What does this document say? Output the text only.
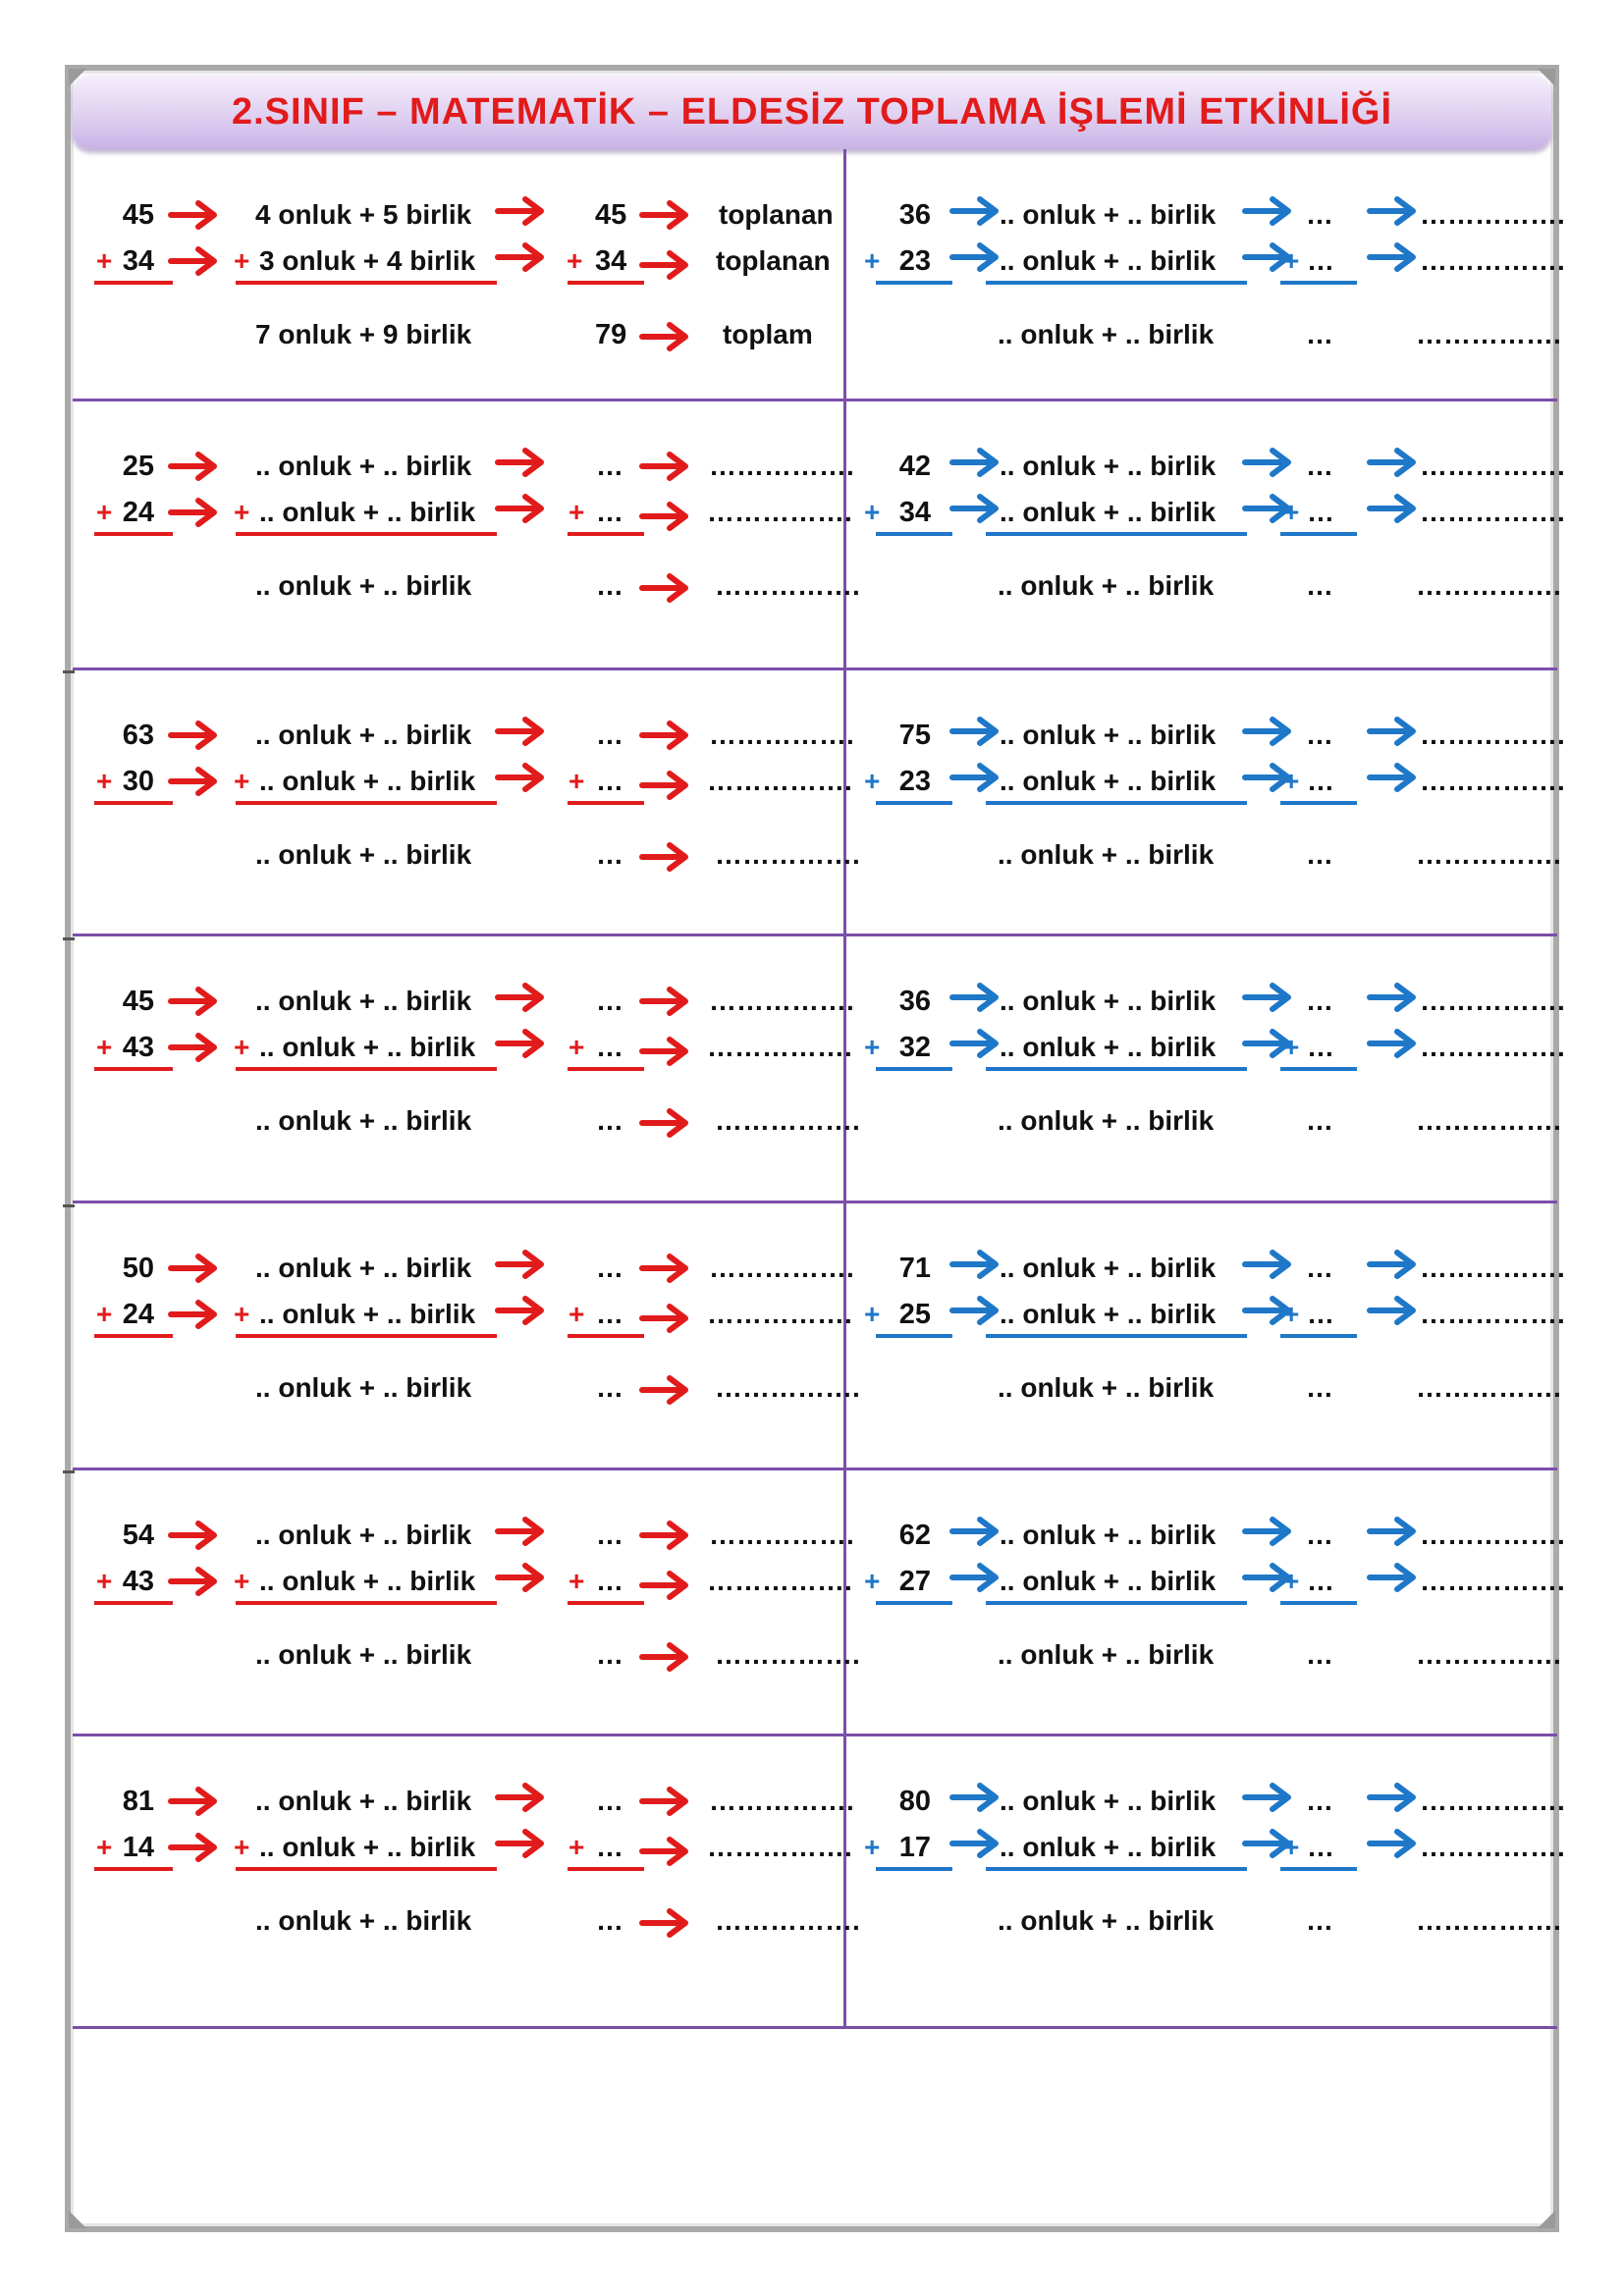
2.SINIF – MATEMATİK – ELDESİZ TOPLAMA İŞLEMİ ETKİNLİĞİ
45
+ 34
4 onluk + 5 birlik
+ 3 onluk + 4 birlik
7 onluk + 9 birlik
45
+ 34
79
toplanan
toplanan
toplam
36
+ 23
.. onluk + .. birlik
.. onluk + .. birlik
.. onluk + .. birlik
…
+ …
…
…………….
…………….
…………….
25
+ 24
.. onluk + .. birlik
+ .. onluk + .. birlik
.. onluk + .. birlik
…
+ …
…
…………….
…………….
…………….
42
+ 34
.. onluk + .. birlik
.. onluk + .. birlik
.. onluk + .. birlik
…
+ …
…
…………….
…………….
…………….
63
+ 30
.. onluk + .. birlik
+ .. onluk + .. birlik
.. onluk + .. birlik
…
+ …
…
…………….
…………….
…………….
75
+ 23
.. onluk + .. birlik
.. onluk + .. birlik
.. onluk + .. birlik
…
+ …
…
…………….
…………….
…………….
45
+ 43
.. onluk + .. birlik
+ .. onluk + .. birlik
.. onluk + .. birlik
…
+ …
…
…………….
…………….
…………….
36
+ 32
.. onluk + .. birlik
.. onluk + .. birlik
.. onluk + .. birlik
…
+ …
…
…………….
…………….
…………….
50
+ 24
.. onluk + .. birlik
+ .. onluk + .. birlik
.. onluk + .. birlik
…
+ …
…
…………….
…………….
…………….
71
+ 25
.. onluk + .. birlik
.. onluk + .. birlik
.. onluk + .. birlik
…
+ …
…
…………….
…………….
…………….
54
+ 43
.. onluk + .. birlik
+ .. onluk + .. birlik
.. onluk + .. birlik
…
+ …
…
…………….
…………….
…………….
62
+ 27
.. onluk + .. birlik
.. onluk + .. birlik
.. onluk + .. birlik
…
+ …
…
…………….
…………….
…………….
81
+ 14
.. onluk + .. birlik
+ .. onluk + .. birlik
.. onluk + .. birlik
…
+ …
…
…………….
…………….
…………….
80
+ 17
.. onluk + .. birlik
.. onluk + .. birlik
.. onluk + .. birlik
…
+ …
…
…………….
…………….
…………….
